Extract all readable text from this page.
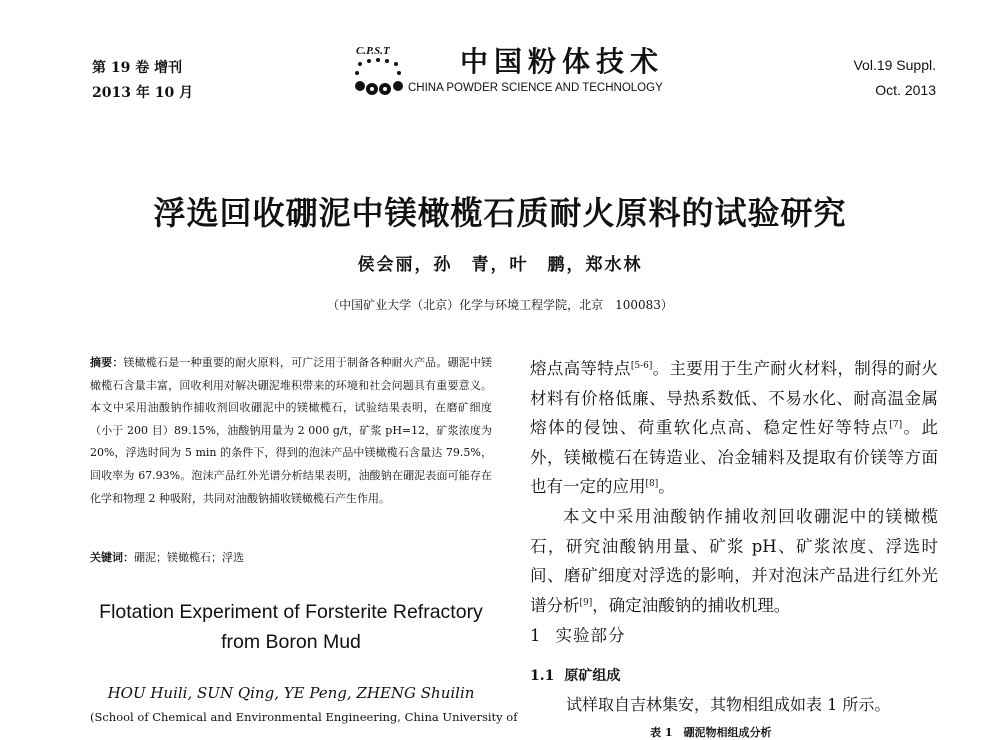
第 19 卷 增刊
2013 年 10 月
C.P.S.T	中国粉体技术
CHINA POWDER SCIENCE AND TECHNOLOGY
Vol.19 Suppl.
Oct. 2013
浮选回收硼泥中镁橄榄石质耐火原料的试验研究
侯会丽，孙　青，叶　鹏，郑水林
（中国矿业大学（北京）化学与环境工程学院，北京　100083）
摘要：镁橄榄石是一种重要的耐火原料，可广泛用于制备各种耐火产品。硼泥中镁橄榄石含量丰富，回收利用对解决硼泥堆积带来的环境和社会问题具有重要意义。本文中采用油酸钠作捕收剂回收硼泥中的镁橄榄石，试验结果表明，在磨矿细度（小于 200 目）89.15%，油酸钠用量为 2 000 g/t，矿浆 pH=12，矿浆浓度为 20%，浮选时间为 5 min 的条件下，得到的泡沫产品中镁橄榄石含量达 79.5%，回收率为 67.93%。泡沫产品红外光谱分析结果表明，油酸钠在硼泥表面可能存在化学和物理 2 种吸附，共同对油酸钠捕收镁橄榄石产生作用。
关键词：硼泥；镁橄榄石；浮选
Flotation Experiment of Forsterite Refractory from Boron Mud
HOU Huili, SUN Qing, YE Peng, ZHENG Shuilin
(School of Chemical and Environmental Engineering, China University of
熔点高等特点[5-6]。主要用于生产耐火材料，制得的耐火材料有价格低廉、导热系数低、不易水化、耐高温金属熔体的侵蚀、荷重软化点高、稳定性好等特点[7]。此外，镁橄榄石在铸造业、冶金辅料及提取有价镁等方面也有一定的应用[8]。
本文中采用油酸钠作捕收剂回收硼泥中的镁橄榄石，研究油酸钠用量、矿浆 pH、矿浆浓度、浮选时间、磨矿细度对浮选的影响，并对泡沫产品进行红外光谱分析[9]，确定油酸钠的捕收机理。
1 实验部分
1.1 原矿组成
试样取自吉林集安，其物相组成如表 1 所示。
表 1　硼泥物相组成分析
